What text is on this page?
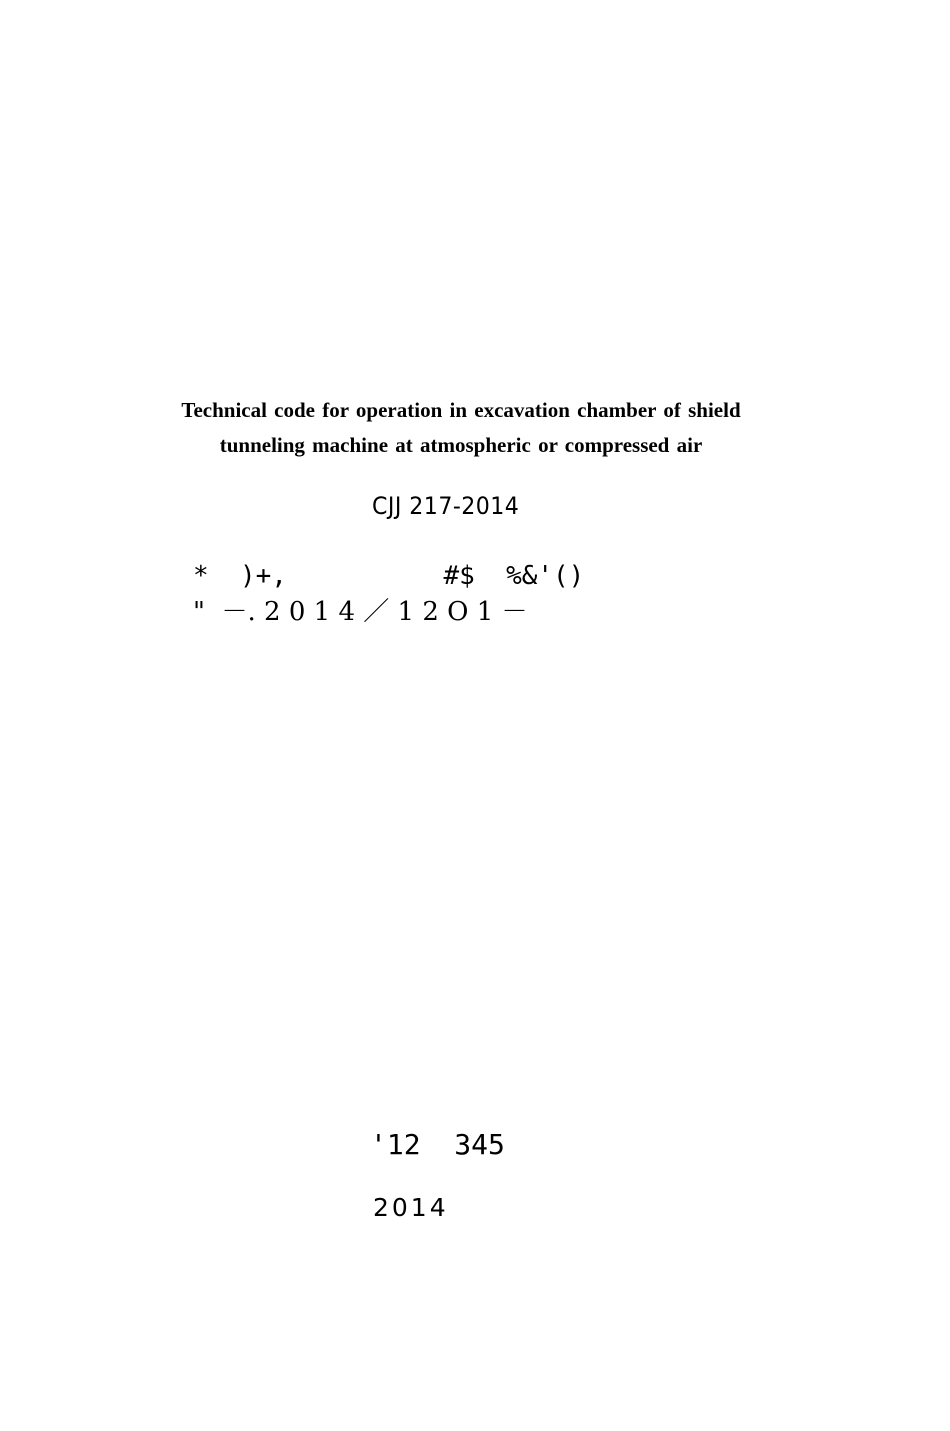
Technical code for operation in excavation chamber of shield
tunneling machine at atmospheric or compressed air
CJJ 217-2014
*  )+,          #$  %&'()
"  －. 2 0 1 4 ／ 1 2 O 1 －
'12  345
2014
